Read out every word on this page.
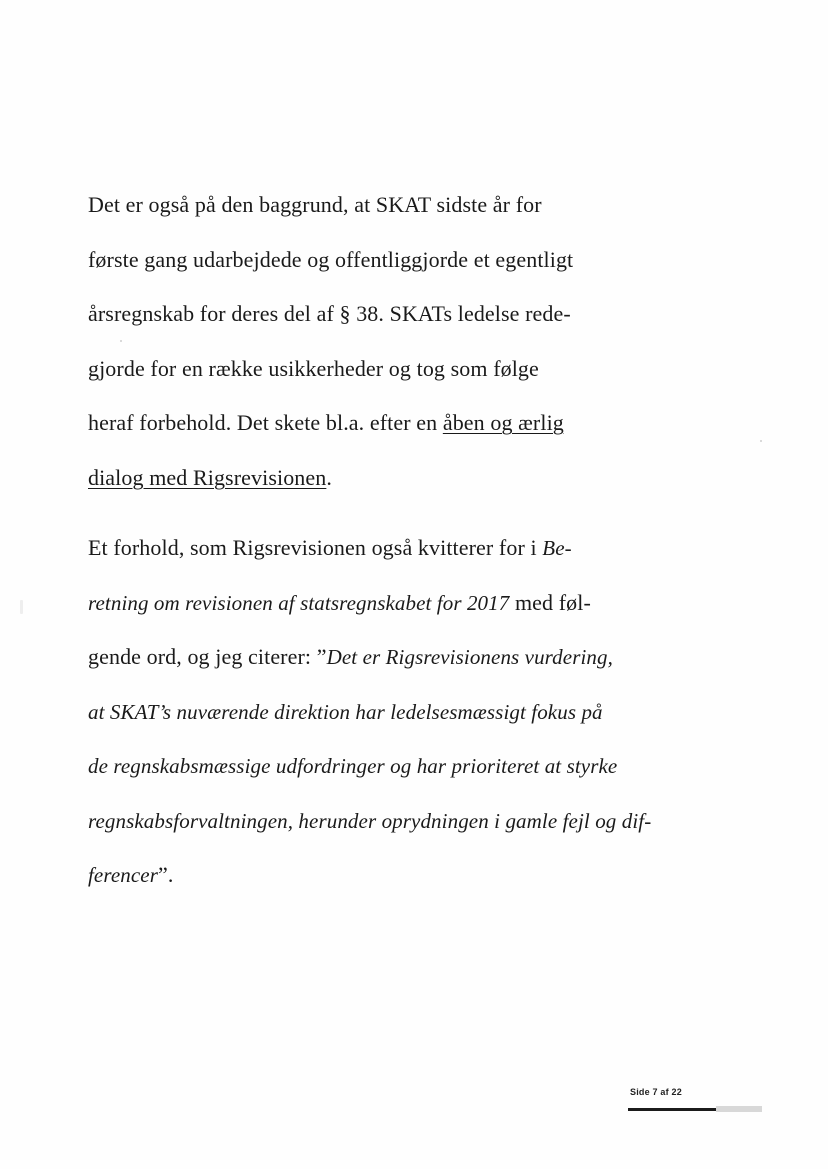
Det er også på den baggrund, at SKAT sidste år for
første gang udarbejdede og offentliggjorde et egentligt
årsregnskab for deres del af § 38. SKATs ledelse rede-
gjorde for en række usikkerheder og tog som følge
heraf forbehold. Det skete bl.a. efter en åben og ærlig
dialog med Rigsrevisionen.

Et forhold, som Rigsrevisionen også kvitterer for i Be-
retning om revisionen af statsregnskabet for 2017 med føl-
gende ord, og jeg citerer: ”Det er Rigsrevisionens vurdering,
at SKAT’s nuværende direktion har ledelsesmæssigt fokus på
de regnskabsmæssige udfordringer og har prioriteret at styrke
regnskabsforvaltningen, herunder oprydningen i gamle fejl og dif-
ferencer”.

Side 7 af 22
